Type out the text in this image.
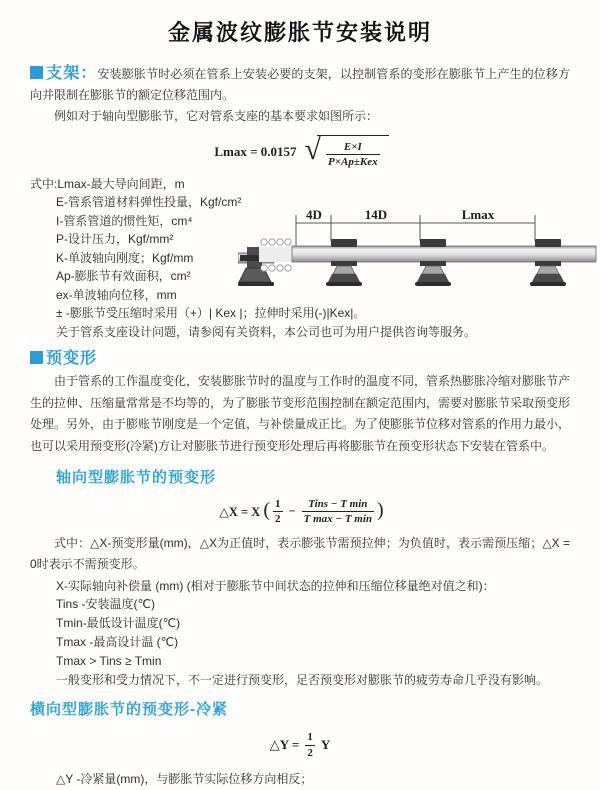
金属波纹膨胀节安装说明

支架：安装膨胀节时必须在管系上安装必要的支架，以控制管系的变形在膨胀节上产生的位移方向并限制在膨胀节的额定位移范围内。

例如对于轴向型膨胀节，它对管系支座的基本要求如图所示：

Lmax = 0.0157 √ $\frac{E\times I}{\text{P×Ap±Kex}}$
式中:Lmax-最大导向间距，m
E-管系管道材料弹性投量，Kgf/cm²
I-管系管道的惯性矩，cm⁴
P-设计压力，Kgf/mm²
K-单波轴向刚度；Kgf/mm
Ap-膨胀节有效面积，cm²
ex-单波轴向位移，mm
± -膨胀节受压缩时采用（+）| Kex |；拉伸时采用(-)|Kex|。
关于管系支座设计问题，请参阅有关资料，本公司也可为用户提供咨询等服务。
4D	14D	Lmax
预变形

由于管系的工作温度变化，安装膨胀节时的温度与工作时的温度不同，管系热膨胀冷缩对膨胀节产生的拉伸、压缩量常常是不均等的，为了膨胀节变形范围控制在额定范围内，需要对膨胀节采取预变形处理。另外，由于膨账节刚度是一个定值，与补偿量成正比。为了使膨胀节位移对管系的作用力最小，也可以采用预变形(冷紧)方让对膨胀节进行预变形处理后再将膨胀节在预变形状态下安装在管系中。

轴向型膨胀节的预变形
△X = X ( $\frac{1}{2} - \frac{\text{Tins − T min}}{\text{T max − T min}}$ )

式中：△X-预变形量(mm)，△X为正值时，表示膨张节需预拉伸；为负值时，表示需预压缩；△X = 0时表示不需预变形。

X-实际轴向补偿量 (mm) (相对于膨胀节中间状态的拉伸和压缩位移量绝对值之和)：
Tins -安装温度(℃)
Tmin-最低设计温度(℃)
Tmax -最高设计温 (℃)
Tmax > Tins ≥ Tmin
一般变形和受力情况下，不一定进行预变形，足否预变形对膨胀节的疲劳寿命几乎没有影响。
横向型膨胀节的预变形-冷紧
△Y = $\frac{1}{2}$ Y

△Y -冷紧量(mm)，与膨胀节实际位移方向相反；
